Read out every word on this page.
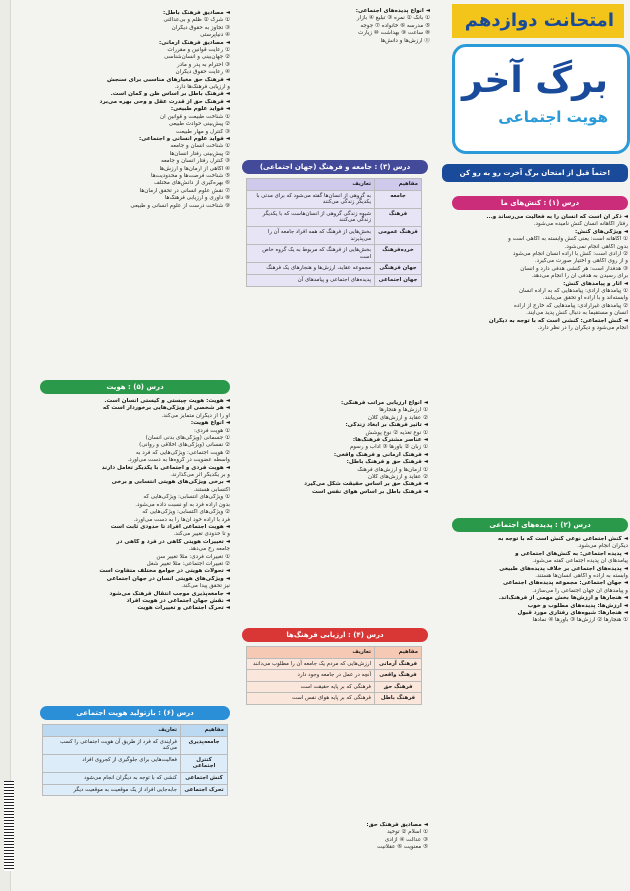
امتحانت دوازدهم
برگ آخر
هویت اجتماعی
حتماً قبل از امتحان برگ آخرت رو به رو کن!
درس (۱) : کنش‌های ما
◄ ذکر آن است که انسان را به فعالیت می‌رساند و...
رفتار آگاهانه انسان کنش نامیده می‌شود.
◄ ویژگی‌های کنش:
① آگاهانه است: یعنی کنش وابسته به آگاهی است و
بدون آگاهی انجام نمی‌شود.
② ارادی است: کنش با اراده انسان انجام می‌شود
و از روی آگاهی و اختیار صورت می‌گیرد.
③ هدفدار است: هر کنشی هدفی دارد و انسان
برای رسیدن به هدفی آن را انجام می‌دهد.
◄ آثار و پیامدهای کنش:
① پیامدهای ارادی: پیامدهایی که به اراده انسان
وابسته‌اند و با اراده او تحقق می‌یابند.
② پیامدهای غیرارادی: پیامدهایی که خارج از اراده
انسان و مستقیماً به دنبال کنش پدید می‌آیند.
◄ کنش اجتماعی: کنشی است که با توجه به دیگران
انجام می‌شود و دیگران را در نظر دارد.
درس (۲) : پدیده‌های اجتماعی
◄ کنش اجتماعی نوعی کنش است که با توجه به
دیگران انجام می‌شود.
◄ پدیده اجتماعی: به کنش‌های اجتماعی و
پیامدهای آن پدیده اجتماعی گفته می‌شود.
◄ پدیده‌های اجتماعی بر خلاف پدیده‌های طبیعی
وابسته به اراده و آگاهی انسان‌ها هستند.
◄ جهان اجتماعی: مجموعه پدیده‌های اجتماعی
و پیامدهای آن جهان اجتماعی را می‌سازد.
◄ هنجارها و ارزش‌ها بخش مهمی از فرهنگ‌اند.
◄ ارزش‌ها: پدیده‌های مطلوب و خوب
◄ هنجارها: شیوه‌های رفتاری مورد قبول
① هنجارها ② ارزش‌ها ③ باورها ④ نمادها
◄ انواع پدیده‌های اجتماعی:
① بانک ② نمره ③ تبلیغ ④ بازار
⑤ مدرسه ⑥ خانواده ⑦ جوجه
⑧ ساعت ⑨ بهداشت ⑩ زیارت
⑪ ارزش‌ها و دانش‌ها
درس (۳) : جامعه و فرهنگ (جهان اجتماعی)
مفاهیم	تعاریف
جامعه	به گروهی از انسان‌ها گفته می‌شود که برای مدتی با یکدیگر زندگی می‌کنند
فرهنگ	شیوه زندگی گروهی از انسان‌هاست که با یکدیگر زندگی می‌کنند
فرهنگ عمومی	بخش‌هایی از فرهنگ که همه افراد جامعه آن را می‌پذیرند
خرده‌فرهنگ	بخش‌هایی از فرهنگ که مربوط به یک گروه خاص است
جهان فرهنگی	مجموعه عقاید، ارزش‌ها و هنجارهای یک فرهنگ
جهان اجتماعی	پدیده‌های اجتماعی و پیامدهای آن
◄ انواع ارزیابی مراتب فرهنگی:
① ارزش‌ها و هنجارها
② عقاید و ارزش‌های کلان
◄ تأثیر فرهنگ بر ابعاد زندگی:
① نوع تغذیه ② نوع پوشش
◄ عناصر مشترک فرهنگ‌ها:
① زبان ② باورها ③ آداب و رسوم
◄ فرهنگ آرمانی و فرهنگ واقعی:
◄ فرهنگ حق و فرهنگ باطل:
① آرمان‌ها و ارزش‌های فرهنگ
② عقاید و ارزش‌های کلان
◄ فرهنگ حق بر اساس حقیقت شکل می‌گیرد
◄ فرهنگ باطل بر اساس هوای نفس است
درس (۴) : ارزیابی فرهنگ‌ها
مفاهیم	تعاریف
فرهنگ آرمانی	ارزش‌هایی که مردم یک جامعه آن را مطلوب می‌دانند
فرهنگ واقعی	آنچه در عمل در جامعه وجود دارد
فرهنگ حق	فرهنگی که بر پایه حقیقت است
فرهنگ باطل	فرهنگی که بر پایه هوای نفس است
◄ مصادیق فرهنگ حق:
① اسلام ② توحید
③ عدالت ④ آزادی
⑤ معنویت ⑥ عقلانیت
◄ مصادیق فرهنگ باطل:
① شرک ② ظلم و بی‌عدالتی
③ تجاوز به حقوق دیگران
④ دنیاپرستی
◄ مصادیق فرهنگ آرمانی:
① رعایت قوانین و مقررات
② جهان‌بینی و انسان‌شناسی
③ احترام به پدر و مادر
④ رعایت حقوق دیگران
◄ فرهنگ حق معیارهای مناسبی برای سنجش
و ارزیابی فرهنگ‌ها دارد.
◄ فرهنگ باطل بر اساس ظن و گمان است.
◄ فرهنگ حق از قدرت عقل و وحی بهره می‌برد
◄ فواید علوم طبیعی:
① شناخت طبیعت و قوانین آن
② پیش‌بینی حوادث طبیعی
③ کنترل و مهار طبیعت
◄ فواید علوم انسانی و اجتماعی:
① شناخت انسان و جامعه
② پیش‌بینی رفتار انسان‌ها
③ کنترل رفتار انسان و جامعه
④ آگاهی از آرمان‌ها و ارزش‌ها
⑤ شناخت فرصت‌ها و محدودیت‌ها
⑥ بهره‌گیری از دانش‌های مختلف
⑦ نقش علوم انسانی در تحقق آرمان‌ها
⑧ داوری و ارزیابی فرهنگ‌ها
⑨ شناخت درست از علوم انسانی و طبیعی
درس (۵) : هویت
◄ هویت: هویت چیستی و کیستی انسان است.
◄ هر شخصی از ویژگی‌هایی برخوردار است که
او را از دیگران متمایز می‌کند.
◄ انواع هویت:
① هویت فردی:
① جسمانی (ویژگی‌های بدنی انسان)
② نفسانی (ویژگی‌های اخلاقی و روانی)
② هویت اجتماعی: ویژگی‌هایی که فرد به
واسطه عضویت در گروه‌ها به دست می‌آورد.
◄ هویت فردی و اجتماعی با یکدیگر تعامل دارند
و بر یکدیگر اثر می‌گذارند.
◄ برخی ویژگی‌های هویتی انتسابی و برخی
اکتسابی هستند.
① ویژگی‌های انتسابی: ویژگی‌هایی که
بدون اراده فرد به او نسبت داده می‌شود.
② ویژگی‌های اکتسابی: ویژگی‌هایی که
فرد با اراده خود آن‌ها را به دست می‌آورد.
◄ هویت اجتماعی افراد تا حدودی ثابت است
و تا حدودی تغییر می‌کند.
◄ تغییرات هویتی گاهی در فرد و گاهی در
جامعه رخ می‌دهد.
① تغییرات فردی: مثلاً تغییر سن
② تغییرات اجتماعی: مثلاً تغییر شغل
◄ تحولات هویتی در جوامع مختلف متفاوت است
◄ ویژگی‌های هویتی انسان در جهان اجتماعی
نیز تحقق پیدا می‌کند.
◄ جامعه‌پذیری موجب انتقال فرهنگ می‌شود
◄ نقش جهان اجتماعی در هویت افراد
◄ تحرک اجتماعی و تغییرات هویت
درس (۶) : بازتولید هویت اجتماعی
مفاهیم	تعاریف
جامعه‌پذیری	فرایندی که فرد از طریق آن هویت اجتماعی را کسب می‌کند
کنترل اجتماعی	فعالیت‌هایی برای جلوگیری از کجروی افراد
کنش اجتماعی	کنشی که با توجه به دیگران انجام می‌شود
تحرک اجتماعی	جابه‌جایی افراد از یک موقعیت به موقعیت دیگر
